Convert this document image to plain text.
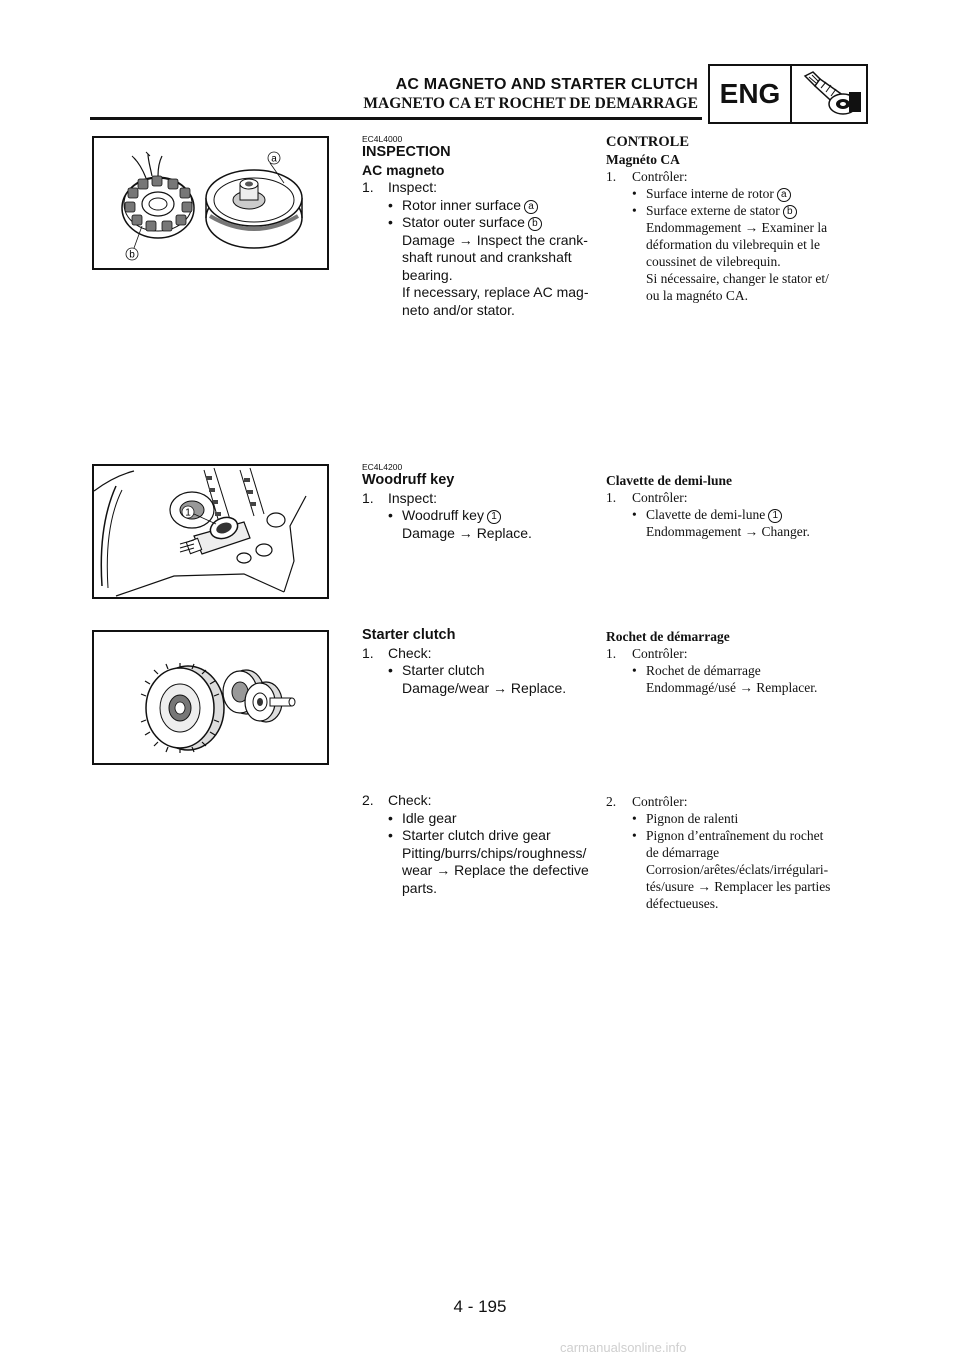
AC MAGNETO AND STARTER CLUTCH
MAGNETO CA ET ROCHET DE DEMARRAGE ENG
a
b
1
EC4L4000
INSPECTION
AC magneto
1.	Inspect:
• Rotor inner surface a
• Stator outer surface b
Damage → Inspect the crank-
shaft runout and crankshaft
bearing.
If necessary, replace AC mag-
neto and/or stator.
CONTROLE
Magnéto CA
1.	Contrôler:
• Surface interne de rotor a
• Surface externe de stator b
Endommagement → Examiner la
déformation du vilebrequin et le
coussinet de vilebrequin.
Si nécessaire, changer le stator et/
ou la magnéto CA.
EC4L4200
Woodruff key
1.	Inspect:
• Woodruff key 1
Damage → Replace.
Clavette de demi-lune
1.	Contrôler:
• Clavette de demi-lune 1
Endommagement → Changer.
Starter clutch
1.	Check:
• Starter clutch
Damage/wear → Replace.
Rochet de démarrage
1.	Contrôler:
• Rochet de démarrage
Endommagé/usé → Remplacer.
2.	Check:
• Idle gear
• Starter clutch drive gear
Pitting/burrs/chips/roughness/
wear → Replace the defective
parts.
2.	Contrôler:
• Pignon de ralenti
• Pignon d’entraînement du rochet
de démarrage
Corrosion/arêtes/éclats/irrégulari-
tés/usure → Remplacer les parties
défectueuses.
4 - 195
carmanualsonline.info
